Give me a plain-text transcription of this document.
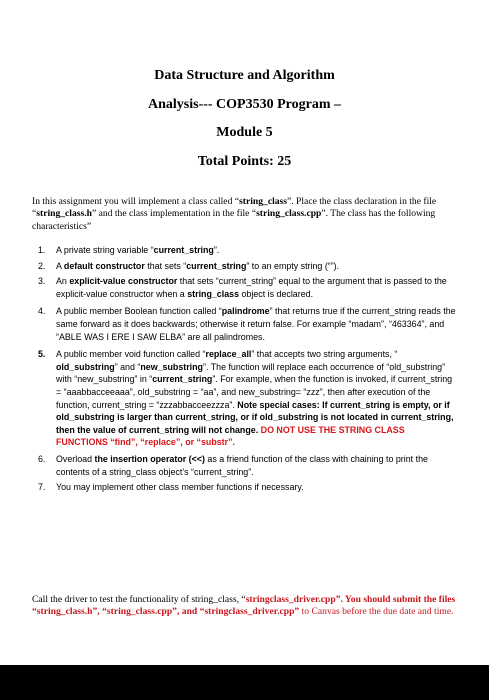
Data Structure and Algorithm
Analysis--- COP3530 Program –
Module 5
Total Points: 25
In this assignment you will implement a class called “string_class”. Place the class declaration in the file “string_class.h” and the class implementation in the file “string_class.cpp”. The class has the following characteristics”
1. A private string variable “current_string”.
2. A default constructor that sets “current_string” to an empty string (“”).
3. An explicit-value constructor that sets “current_string” equal to the argument that is passed to the explicit-value constructor when a string_class object is declared.
4. A public member Boolean function called “palindrome” that returns true if the current_string reads the same forward as it does backwards; otherwise it return false. For example “madam”, “463364”, and “ABLE WAS I ERE I SAW ELBA” are all palindromes.
5. A public member void function called “replace_all” that accepts two string arguments, “ old_substring” and “new_substring”. The function will replace each occurrence of “old_substring” with “new_substring” in “current_string”. For example, when the function is invoked, if current_string = “aaabbacceeaaa”, old_substring = “aa”, and new_substring= “zzz”, then after execution of the function, current_string = “zzzabbacceezzza”. Note special cases: If current_string is empty, or if old_substring is larger than current_string, or if old_substring is not located in current_string, then the value of current_string will not change. DO NOT USE THE STRING CLASS FUNCTIONS “find”, “replace”, or “substr”.
6. Overload the insertion operator (<<) as a friend function of the class with chaining to print the contents of a string_class object’s “current_string”.
7. You may implement other class member functions if necessary.
Call the driver to test the functionality of string_class, “stringclass_driver.cpp”. You should submit the files “string_class.h”, “string_class.cpp”, and “stringclass_driver.cpp” to Canvas before the due date and time.
